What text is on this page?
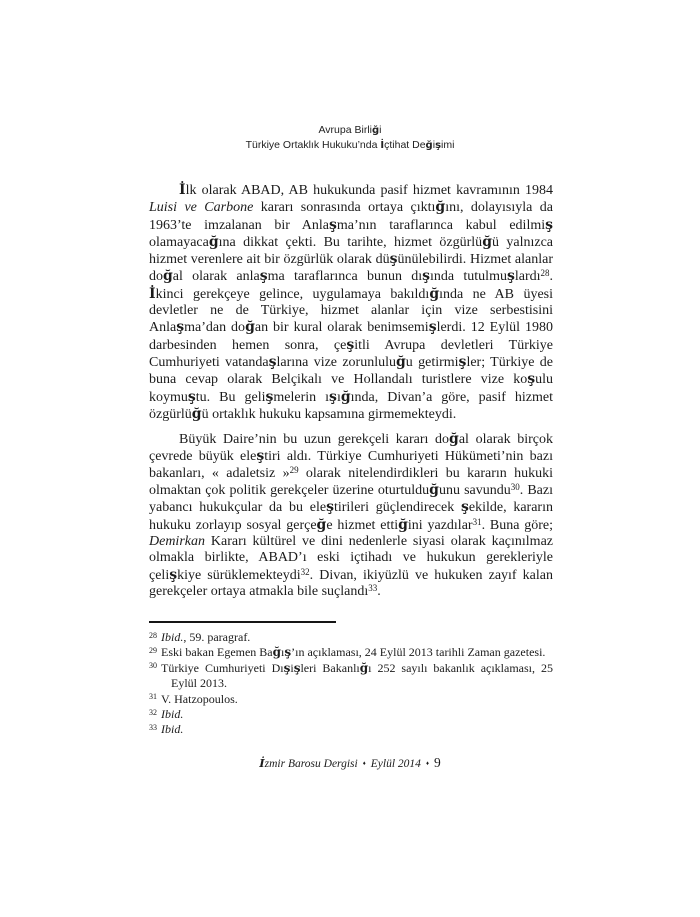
Avrupa Birliği
Türkiye Ortaklık Hukuku’nda İçtihat Değişimi

İlk olarak ABAD, AB hukukunda pasif hizmet kavramının 1984 Luisi ve Carbone kararı sonrasında ortaya çıktığını, dolayısıyla da 1963’te imzalanan bir Anlaşma’nın taraflarınca kabul edilmiş olamayacağına dikkat çekti. Bu tarihte, hizmet özgürlüğü yalnızca hizmet verenlere ait bir özgürlük olarak düşünülebilirdi. Hizmet alanlar doğal olarak anlaşma taraflarınca bunun dışında tutulmuşlardı$^{28}$. İkinci gerekçeye gelince, uygulamaya bakıldığında ne AB üyesi devletler ne de Türkiye, hizmet alanlar için vize serbestisini Anlaşma’dan doğan bir kural olarak benimsemişlerdi. 12 Eylül 1980 darbesinden hemen sonra, çeşitli Avrupa devletleri Türkiye Cumhuriyeti vatandaşlarına vize zorunluluğu getirmişler; Türkiye de buna cevap olarak Belçikalı ve Hollandalı turistlere vize koşulu koymuştu. Bu gelişmelerin ışığında, Divan’a göre, pasif hizmet özgürlüğü ortaklık hukuku kapsamına girmemekteydi.

Büyük Daire’nin bu uzun gerekçeli kararı doğal olarak birçok çevrede büyük eleştiri aldı. Türkiye Cumhuriyeti Hükümeti’nin bazı bakanları, « adaletsiz »$^{29}$ olarak nitelendirdikleri bu kararın hukuki olmaktan çok politik gerekçeler üzerine oturtulduğunu savundu$^{30}$. Bazı yabancı hukukçular da bu eleştirileri güçlendirecek şekilde, kararın hukuku zorlayıp sosyal gerçeğe hizmet ettiğini yazdılar$^{31}$. Buna göre; Demirkan Kararı kültürel ve dini nedenlerle siyasi olarak kaçınılmaz olmakla birlikte, ABAD’ı eski içtihadı ve hukukun gerekleriyle çelişkiye sürüklemekteydi$^{32}$. Divan, ikiyüzlü ve hukuken zayıf kalan gerekçeler ortaya atmakla bile suçlandı$^{33}$.

$^{28}$ Ibid., 59. paragraf.
$^{29}$ Eski bakan Egemen Bağış’ın açıklaması, 24 Eylül 2013 tarihli Zaman gazetesi.
$^{30}$ Türkiye Cumhuriyeti Dışişleri Bakanlığı 252 sayılı bakanlık açıklaması, 25 Eylül 2013.
$^{31}$ V. Hatzopoulos.
$^{32}$ Ibid.
$^{33}$ Ibid.
İzmir Barosu Dergisi ♦ Eylül 2014 ♦ 9
